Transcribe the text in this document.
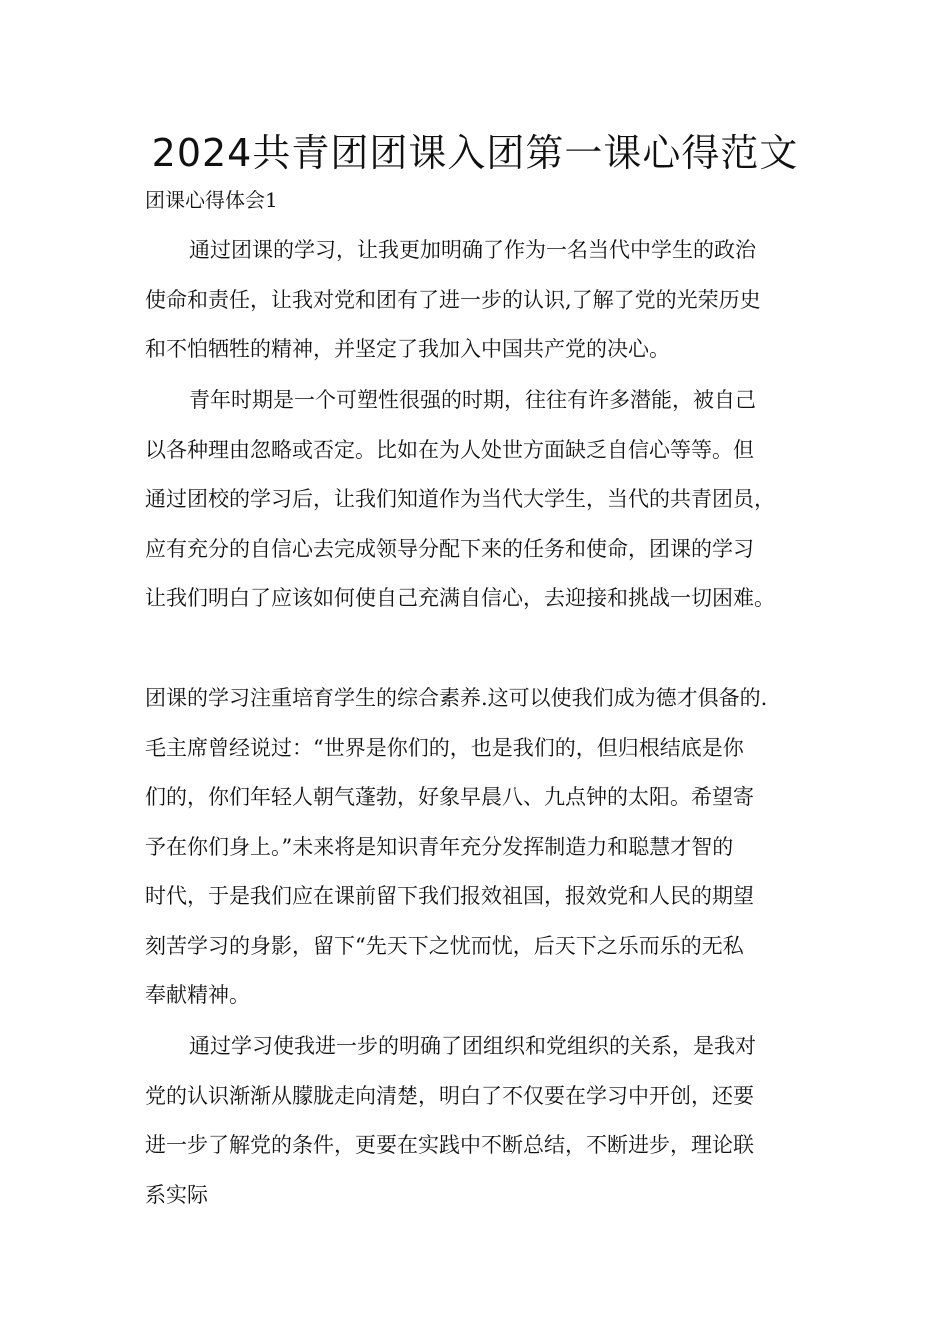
2024共青团团课入团第一课心得范文
团课心得体会1
通过团课的学习，让我更加明确了作为一名当代中学生的政治
使命和责任，让我对党和团有了进一步的认识,了解了党的光荣历史
和不怕牺牲的精神，并坚定了我加入中国共产党的决心。
青年时期是一个可塑性很强的时期，往往有许多潜能，被自己
以各种理由忽略或否定。比如在为人处世方面缺乏自信心等等。但
通过团校的学习后，让我们知道作为当代大学生，当代的共青团员，
应有充分的自信心去完成领导分配下来的任务和使命，团课的学习
让我们明白了应该如何使自己充满自信心，去迎接和挑战一切困难。
团课的学习注重培育学生的综合素养.这可以使我们成为德才俱备的.
毛主席曾经说过：“世界是你们的，也是我们的，但归根结底是你
们的，你们年轻人朝气蓬勃，好象早晨八、九点钟的太阳。希望寄
予在你们身上。”未来将是知识青年充分发挥制造力和聪慧才智的
时代，于是我们应在课前留下我们报效祖国，报效党和人民的期望
刻苦学习的身影，留下“先天下之忧而忧，后天下之乐而乐的无私
奉献精神。
通过学习使我进一步的明确了团组织和党组织的关系，是我对
党的认识渐渐从朦胧走向清楚，明白了不仅要在学习中开创，还要
进一步了解党的条件，更要在实践中不断总结，不断进步，理论联
系实际
